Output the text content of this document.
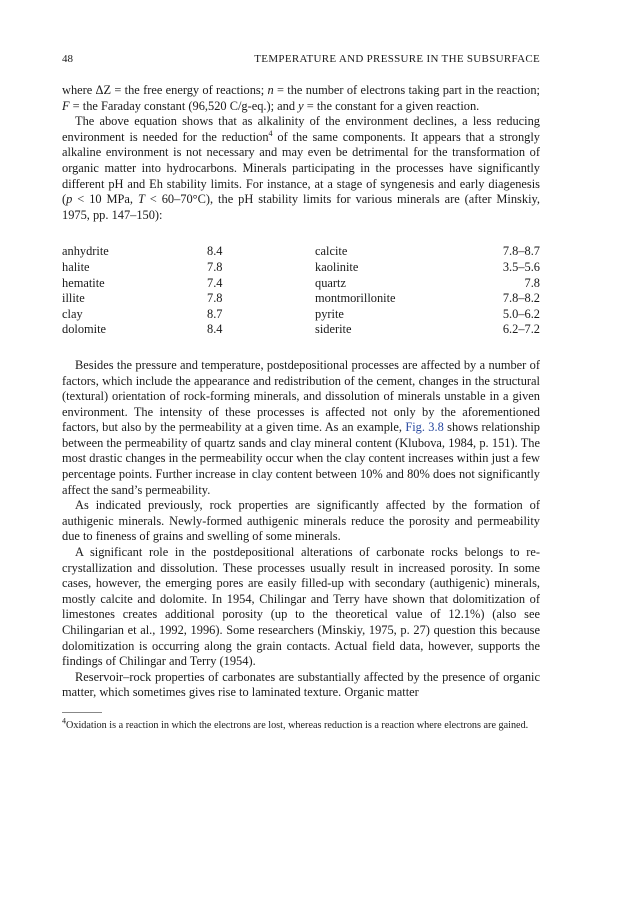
48	TEMPERATURE AND PRESSURE IN THE SUBSURFACE

where ΔZ = the free energy of reactions; n = the number of electrons taking part in the reaction; F = the Faraday constant (96,520 C/g-eq.); and y = the constant for a given reaction.

The above equation shows that as alkalinity of the environment declines, a less reducing environment is needed for the reduction$^4$ of the same components. It appears that a strongly alkaline environment is not necessary and may even be detrimental for the transformation of organic matter into hydrocarbons. Minerals participating in the processes have significantly different pH and Eh stability limits. For instance, at a stage of syngenesis and early diagenesis (p < 10 MPa, T < 60–70°C), the pH stability limits for various minerals are (after Minskiy, 1975, pp. 147–150):

anhydrite	8.4	calcite	7.8–8.7
halite	7.8	kaolinite	3.5–5.6
hematite	7.4	quartz	7.8
illite	7.8	montmorillonite	7.8–8.2
clay	8.7	pyrite	5.0–6.2
dolomite	8.4	siderite	6.2–7.2

Besides the pressure and temperature, postdepositional processes are affected by a number of factors, which include the appearance and redistribution of the cement, changes in the structural (textural) orientation of rock-forming minerals, and dissolution of minerals unstable in a given environment. The intensity of these processes is affected not only by the aforementioned factors, but also by the permeability at a given time. As an example, Fig. 3.8 shows relationship between the permeability of quartz sands and clay mineral content (Klubova, 1984, p. 151). The most drastic changes in the permeability occur when the clay content increases within just a few percentage points. Further increase in clay content between 10% and 80% does not significantly affect the sand’s permeability.

As indicated previously, rock properties are significantly affected by the formation of authigenic minerals. Newly-formed authigenic minerals reduce the porosity and permeability due to fineness of grains and swelling of some minerals.

A significant role in the postdepositional alterations of carbonate rocks belongs to re-crystallization and dissolution. These processes usually result in increased porosity. In some cases, however, the emerging pores are easily filled-up with secondary (authigenic) minerals, mostly calcite and dolomite. In 1954, Chilingar and Terry have shown that dolomitization of limestones creates additional porosity (up to the theoretical value of 12.1%) (also see Chilingarian et al., 1992, 1996). Some researchers (Minskiy, 1975, p. 27) question this because dolomitization is occurring along the grain contacts. Actual field data, however, supports the findings of Chilingar and Terry (1954).

Reservoir–rock properties of carbonates are substantially affected by the presence of organic matter, which sometimes gives rise to laminated texture. Organic matter

$^4$Oxidation is a reaction in which the electrons are lost, whereas reduction is a reaction where electrons are gained.
